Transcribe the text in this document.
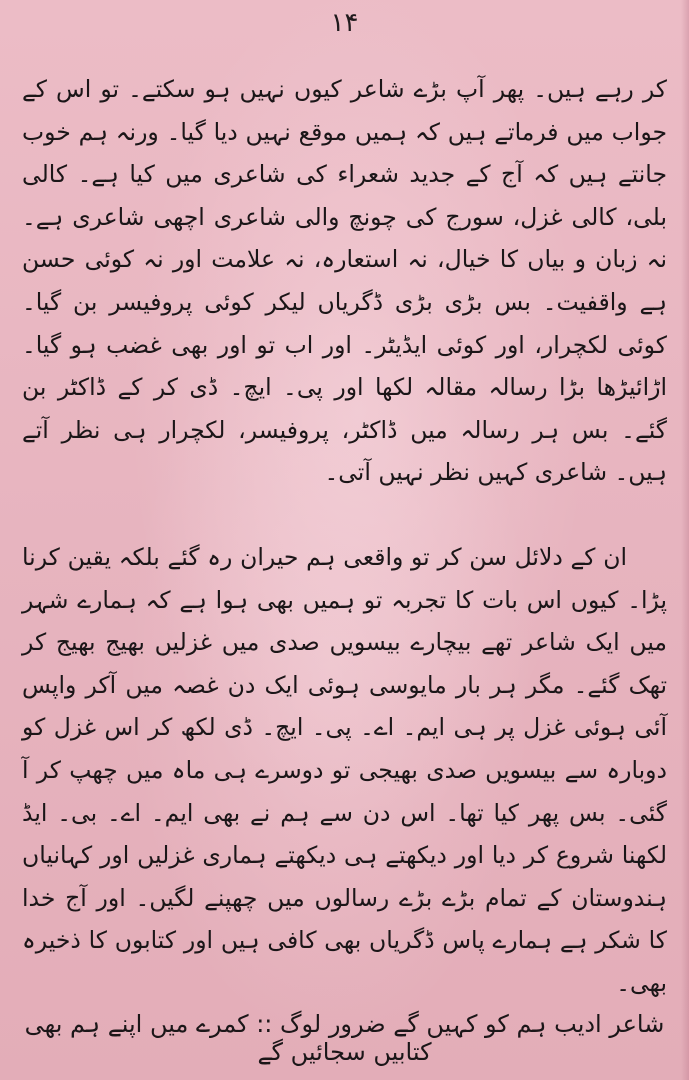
۱۴

کر رہے ہیں۔ پھر آپ بڑے شاعر کیوں نہیں ہو سکتے۔ تو اس کے جواب میں فرماتے ہیں کہ ہمیں موقع نہیں دیا گیا۔ ورنہ ہم خوب جانتے ہیں کہ آج کے جدید شعراء کی شاعری میں کیا ہے۔ کالی بلی، کالی غزل، سورج کی چونچ والی شاعری اچھی شاعری ہے۔ نہ زبان و بیاں کا خیال، نہ استعارہ، نہ علامت اور نہ کوئی حسن ہے واقفیت۔ بس بڑی بڑی ڈگریاں لیکر کوئی پروفیسر بن گیا۔ کوئی لکچرار، اور کوئی ایڈیٹر۔ اور اب تو اور بھی غضب ہو گیا۔ اڑائیڑھا بڑا رسالہ مقالہ لکھا اور پی۔ ایچ۔ ڈی کر کے ڈاکٹر بن گئے۔ بس ہر رسالہ میں ڈاکٹر، پروفیسر، لکچرار ہی نظر آتے ہیں۔ شاعری کہیں نظر نہیں آتی۔

ان کے دلائل سن کر تو واقعی ہم حیران رہ گئے بلکہ یقین کرنا پڑا۔ کیوں اس بات کا تجربہ تو ہمیں بھی ہوا ہے کہ ہمارے شہر میں ایک شاعر تھے بیچارے بیسویں صدی میں غزلیں بھیج بھیج کر تھک گئے۔ مگر ہر بار مایوسی ہوئی ایک دن غصہ میں آکر واپس آئی ہوئی غزل پر ہی ایم۔ اے۔ پی۔ ایچ۔ ڈی لکھ کر اس غزل کو دوبارہ سے بیسویں صدی بھیجی تو دوسرے ہی ماہ میں چھپ کر آ گئی۔ بس پھر کیا تھا۔ اس دن سے ہم نے بھی ایم۔ اے۔ بی۔ ایڈ لکھنا شروع کر دیا اور دیکھتے ہی دیکھتے ہماری غزلیں اور کہانیاں ہندوستان کے تمام بڑے بڑے رسالوں میں چھپنے لگیں۔ اور آج خدا کا شکر ہے ہمارے پاس ڈگریاں بھی کافی ہیں اور کتابوں کا ذخیرہ بھی۔

شاعر ادیب ہم کو کہیں گے ضرور لوگ :: کمرے میں اپنے ہم بھی کتابیں سجائیں گے
